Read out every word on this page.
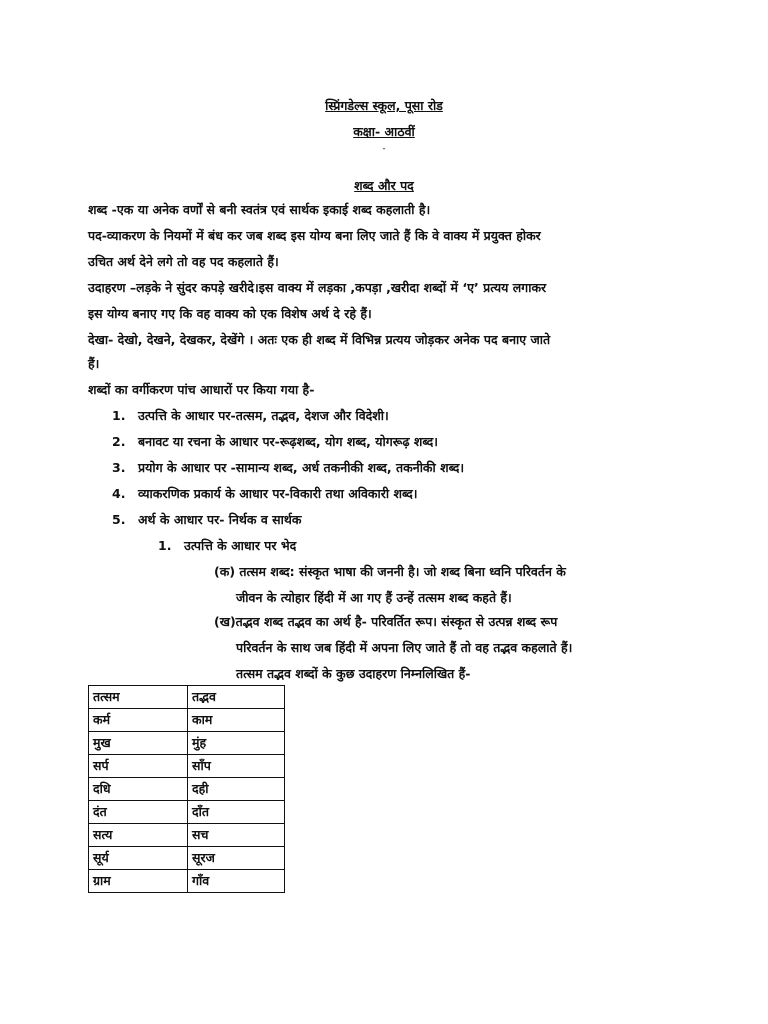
स्प्रिंगडेल्स स्कूल, पूसा रोड
कक्षा- आठवीं
-
शब्द और पद
शब्द -एक या अनेक वर्णों से बनी स्वतंत्र एवं सार्थक इकाई शब्द कहलाती है।
पद-व्याकरण के नियमों में बंध कर जब शब्द इस योग्य बना लिए जाते हैं कि वे वाक्य में प्रयुक्त होकर
उचित अर्थ देने लगे तो वह पद कहलाते हैं।
उदाहरण –लड़के ने सुंदर कपड़े खरीदे।इस वाक्य में लड़का ,कपड़ा ,खरीदा शब्दों में ‘ए’ प्रत्यय लगाकर
इस योग्य बनाए गए कि वह वाक्य को एक विशेष अर्थ दे रहे हैं।
देखा- देखो, देखने, देखकर, देखेंगे । अतः एक ही शब्द में विभिन्न प्रत्यय जोड़कर अनेक पद बनाए जाते
हैं।
शब्दों का वर्गीकरण पांच आधारों पर किया गया है-
1. उत्पत्ति के आधार पर-तत्सम, तद्भव, देशज और विदेशी।
2. बनावट या रचना के आधार पर-रूढ़शब्द, योग शब्द, योगरूढ़ शब्द।
3. प्रयोग के आधार पर -सामान्य शब्द, अर्ध तकनीकी शब्द, तकनीकी शब्द।
4. व्याकरणिक प्रकार्य के आधार पर-विकारी तथा अविकारी शब्द।
5. अर्थ के आधार पर- निर्थक व सार्थक
1. उत्पत्ति के आधार पर भेद
(क) तत्सम शब्द: संस्कृत भाषा की जननी है। जो शब्द बिना ध्वनि परिवर्तन के
जीवन के त्योहार हिंदी में आ गए हैं उन्हें तत्सम शब्द कहते हैं।
(ख)तद्भव शब्द तद्भव का अर्थ है- परिवर्तित रूप। संस्कृत से उत्पन्न शब्द रूप
परिवर्तन के साथ जब हिंदी में अपना लिए जाते हैं तो वह तद्भव कहलाते हैं।
तत्सम तद्भव शब्दों के कुछ उदाहरण निम्नलिखित हैं-
तत्सम	तद्भव
कर्म	काम
मुख	मुंह
सर्प	साँप
दधि	दही
दंत	दाँत
सत्य	सच
सूर्य	सूरज
ग्राम	गाँव
